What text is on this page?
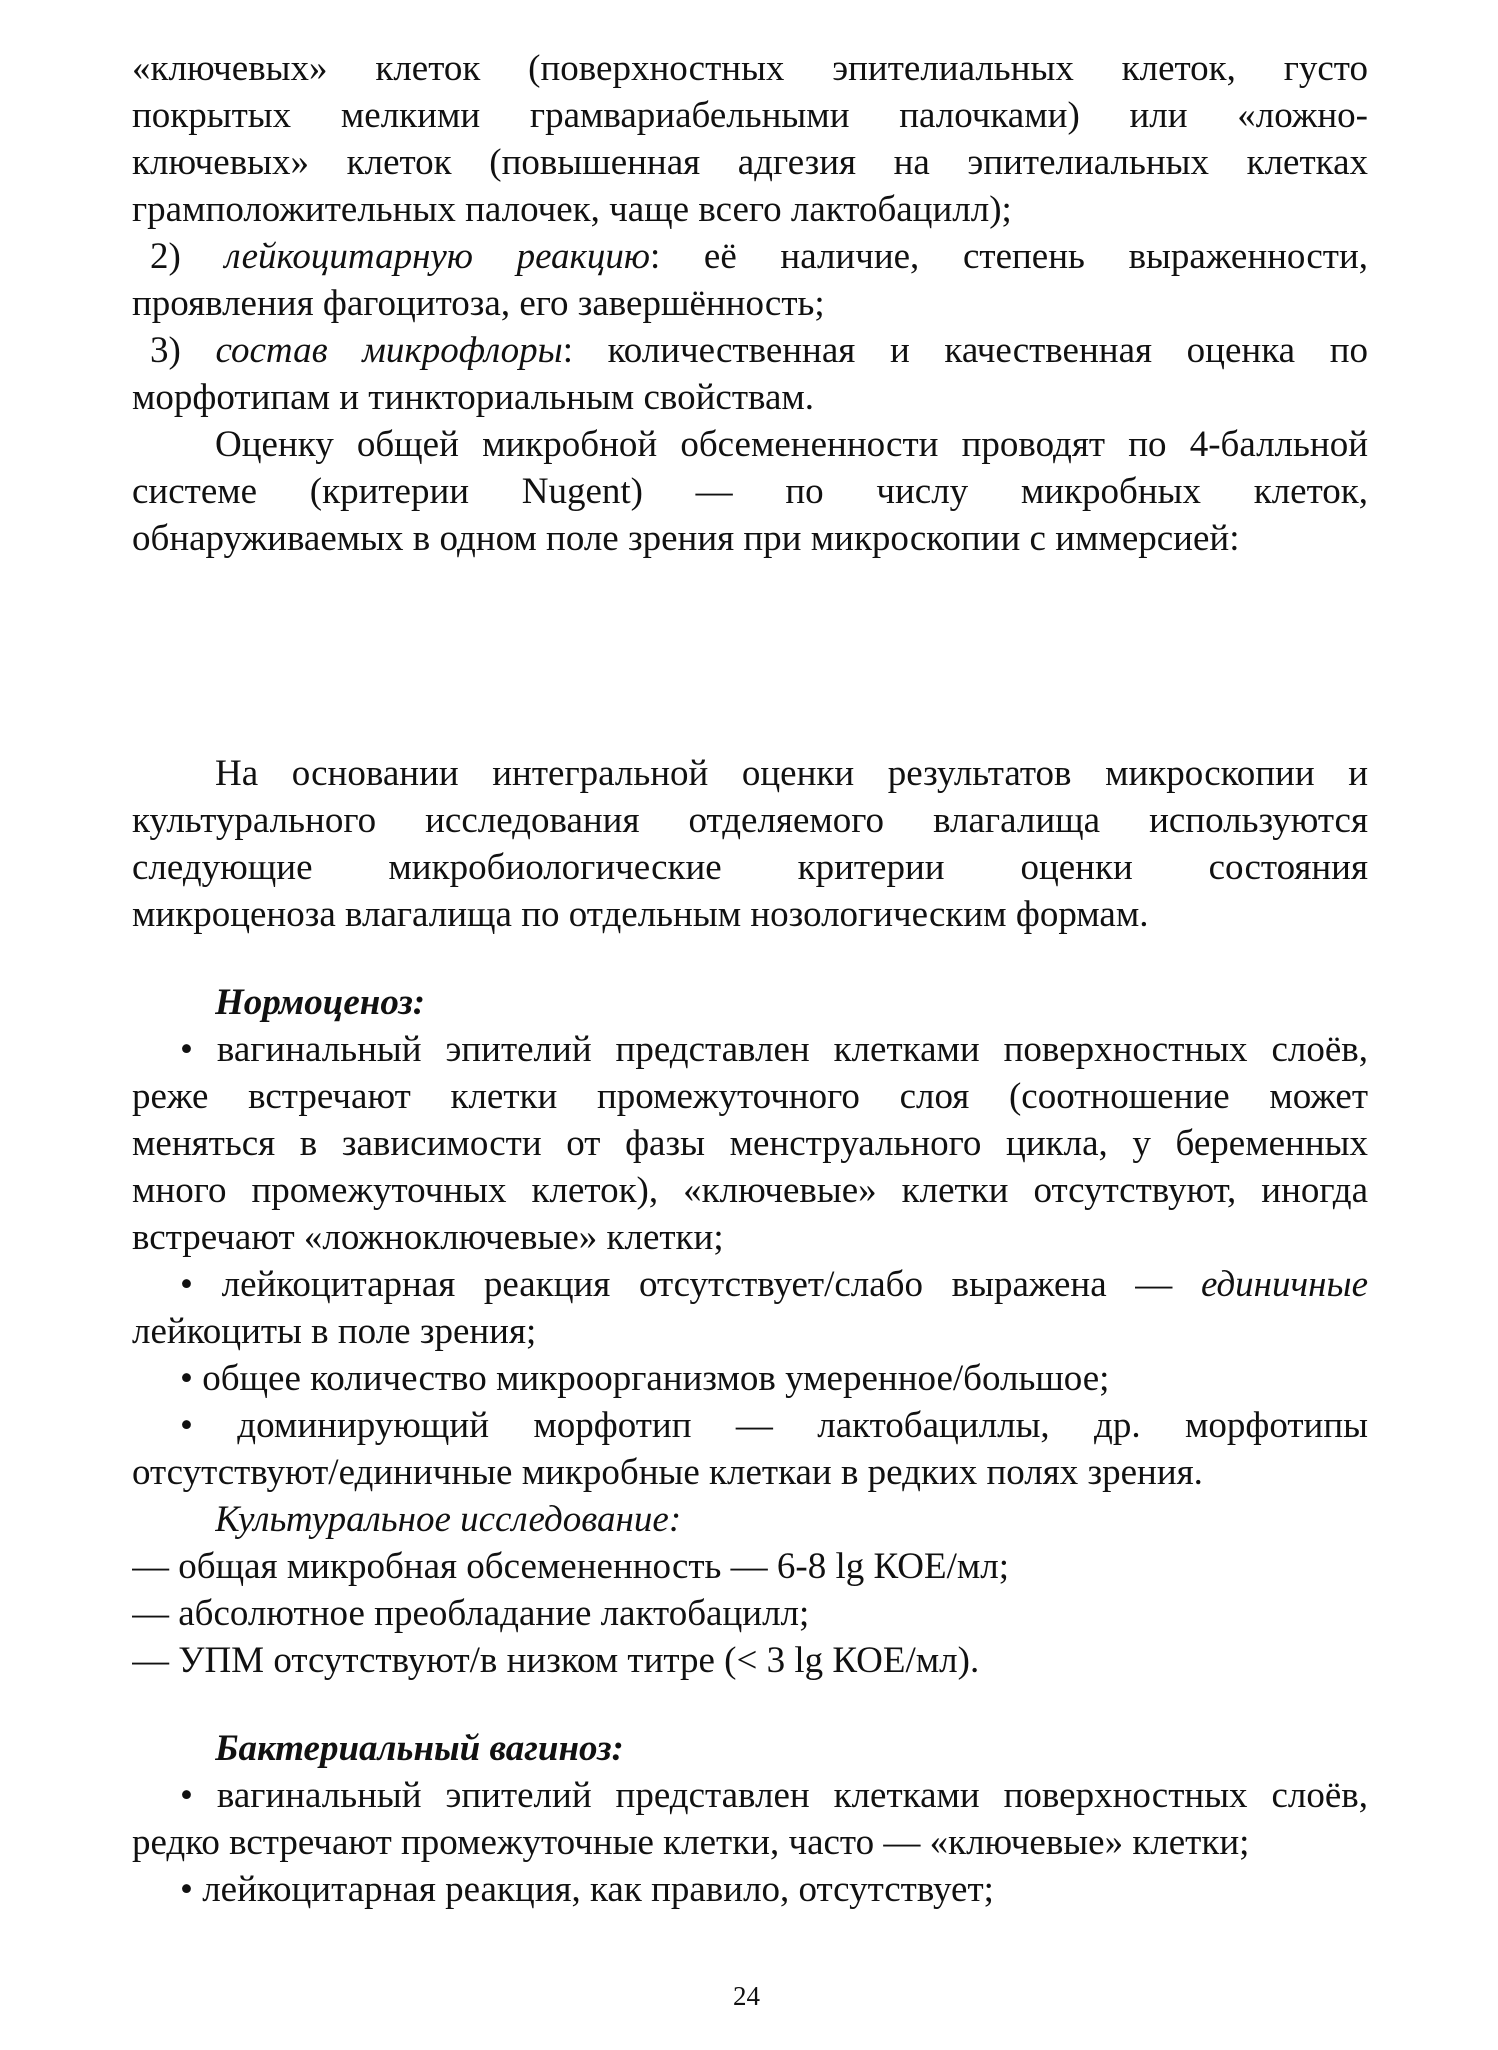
«ключевых» клеток (поверхностных эпителиальных клеток, густо
покрытых мелкими грамвариабельными палочками) или «ложно-
ключевых» клеток (повышенная адгезия на эпителиальных клетках
грамположительных палочек, чаще всего лактобацилл);
2) лейкоцитарную реакцию: её наличие, степень выраженности,
проявления фагоцитоза, его завершённость;
3) состав микрофлоры: количественная и качественная оценка по
морфотипам и тинкториальным свойствам.
Оценку общей микробной обсемененности проводят по 4-балльной
системе (критерии Nugent) — по числу микробных клеток,
обнаруживаемых в одном поле зрения при микроскопии с иммерсией:
На основании интегральной оценки результатов микроскопии и
культурального исследования отделяемого влагалища используются
следующие микробиологические критерии оценки состояния
микроценоза влагалища по отдельным нозологическим формам.
Нормоценоз:
• вагинальный эпителий представлен клетками поверхностных слоёв,
реже встречают клетки промежуточного слоя (соотношение может
меняться в зависимости от фазы менструального цикла, у беременных
много промежуточных клеток), «ключевые» клетки отсутствуют, иногда
встречают «ложноключевые» клетки;
• лейкоцитарная реакция отсутствует/слабо выражена — единичные
лейкоциты в поле зрения;
• общее количество микроорганизмов умеренное/большое;
• доминирующий морфотип — лактобациллы, др. морфотипы
отсутствуют/единичные микробные клеткаи в редких полях зрения.
Культуральное исследование:
— общая микробная обсемененность — 6-8 lg КОЕ/мл;
— абсолютное преобладание лактобацилл;
— УПМ отсутствуют/в низком титре (< 3 lg КОЕ/мл).
Бактериальный вагиноз:
• вагинальный эпителий представлен клетками поверхностных слоёв,
редко встречают промежуточные клетки, часто — «ключевые» клетки;
• лейкоцитарная реакция, как правило, отсутствует;
24
